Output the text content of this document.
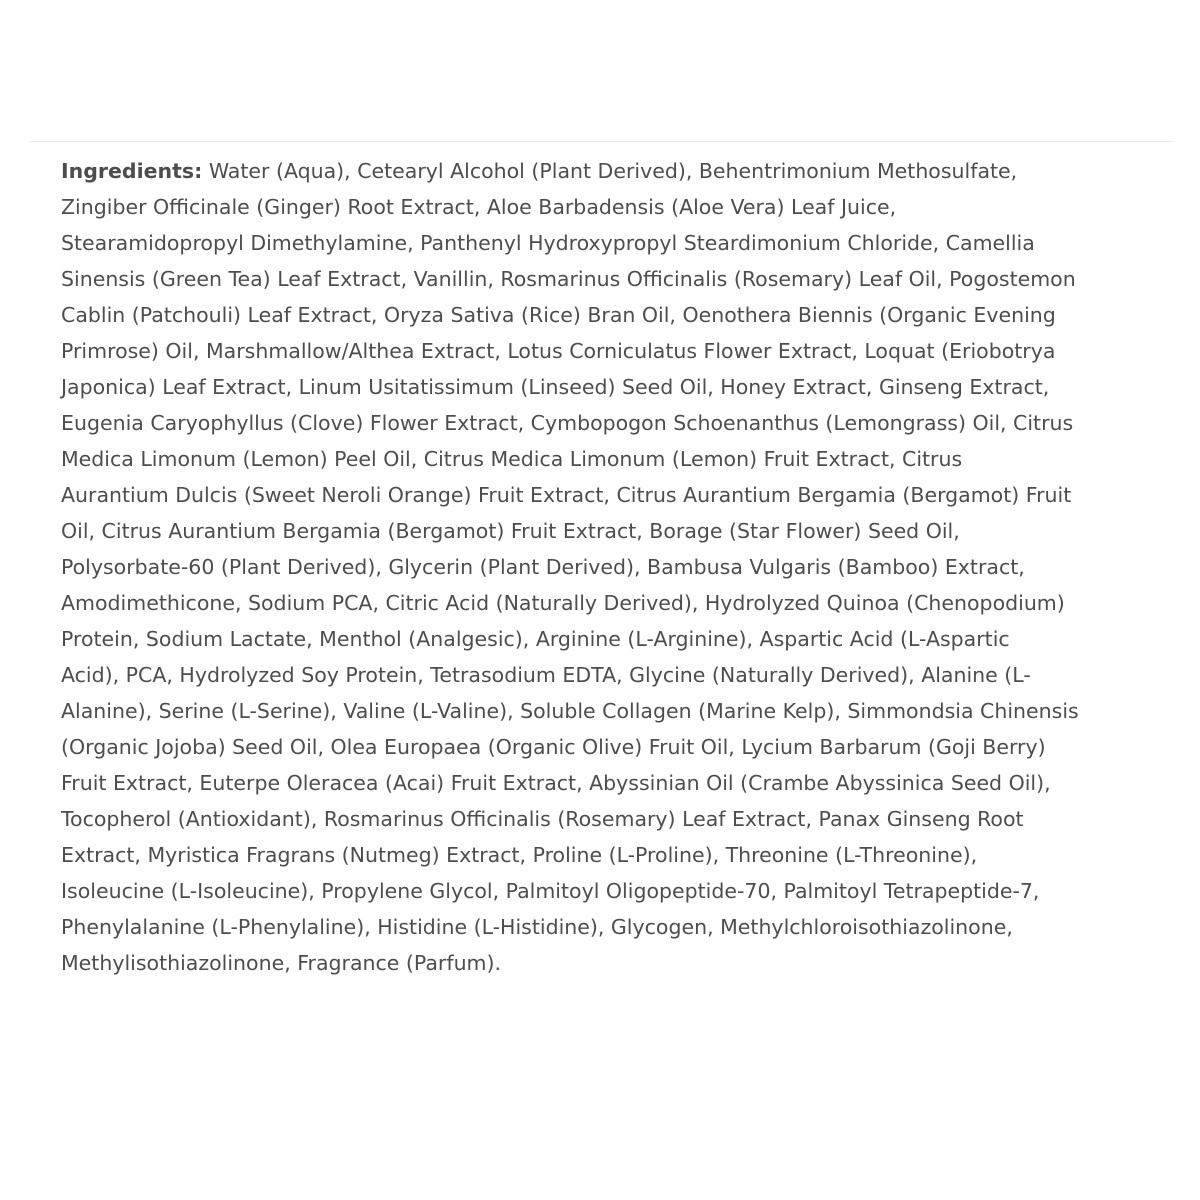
Ingredients: Water (Aqua), Cetearyl Alcohol (Plant Derived), Behentrimonium Methosulfate,
Zingiber Officinale (Ginger) Root Extract, Aloe Barbadensis (Aloe Vera) Leaf Juice,
Stearamidopropyl Dimethylamine, Panthenyl Hydroxypropyl Steardimonium Chloride, Camellia
Sinensis (Green Tea) Leaf Extract, Vanillin, Rosmarinus Officinalis (Rosemary) Leaf Oil, Pogostemon
Cablin (Patchouli) Leaf Extract, Oryza Sativa (Rice) Bran Oil, Oenothera Biennis (Organic Evening
Primrose) Oil, Marshmallow/Althea Extract, Lotus Corniculatus Flower Extract, Loquat (Eriobotrya
Japonica) Leaf Extract, Linum Usitatissimum (Linseed) Seed Oil, Honey Extract, Ginseng Extract,
Eugenia Caryophyllus (Clove) Flower Extract, Cymbopogon Schoenanthus (Lemongrass) Oil, Citrus
Medica Limonum (Lemon) Peel Oil, Citrus Medica Limonum (Lemon) Fruit Extract, Citrus
Aurantium Dulcis (Sweet Neroli Orange) Fruit Extract, Citrus Aurantium Bergamia (Bergamot) Fruit
Oil, Citrus Aurantium Bergamia (Bergamot) Fruit Extract, Borage (Star Flower) Seed Oil,
Polysorbate-60 (Plant Derived), Glycerin (Plant Derived), Bambusa Vulgaris (Bamboo) Extract,
Amodimethicone, Sodium PCA, Citric Acid (Naturally Derived), Hydrolyzed Quinoa (Chenopodium)
Protein, Sodium Lactate, Menthol (Analgesic), Arginine (L-Arginine), Aspartic Acid (L-Aspartic
Acid), PCA, Hydrolyzed Soy Protein, Tetrasodium EDTA, Glycine (Naturally Derived), Alanine (L-
Alanine), Serine (L-Serine), Valine (L-Valine), Soluble Collagen (Marine Kelp), Simmondsia Chinensis
(Organic Jojoba) Seed Oil, Olea Europaea (Organic Olive) Fruit Oil, Lycium Barbarum (Goji Berry)
Fruit Extract, Euterpe Oleracea (Acai) Fruit Extract, Abyssinian Oil (Crambe Abyssinica Seed Oil),
Tocopherol (Antioxidant), Rosmarinus Officinalis (Rosemary) Leaf Extract, Panax Ginseng Root
Extract, Myristica Fragrans (Nutmeg) Extract, Proline (L-Proline), Threonine (L-Threonine),
Isoleucine (L-Isoleucine), Propylene Glycol, Palmitoyl Oligopeptide-70, Palmitoyl Tetrapeptide-7,
Phenylalanine (L-Phenylaline), Histidine (L-Histidine), Glycogen, Methylchloroisothiazolinone,
Methylisothiazolinone, Fragrance (Parfum).
